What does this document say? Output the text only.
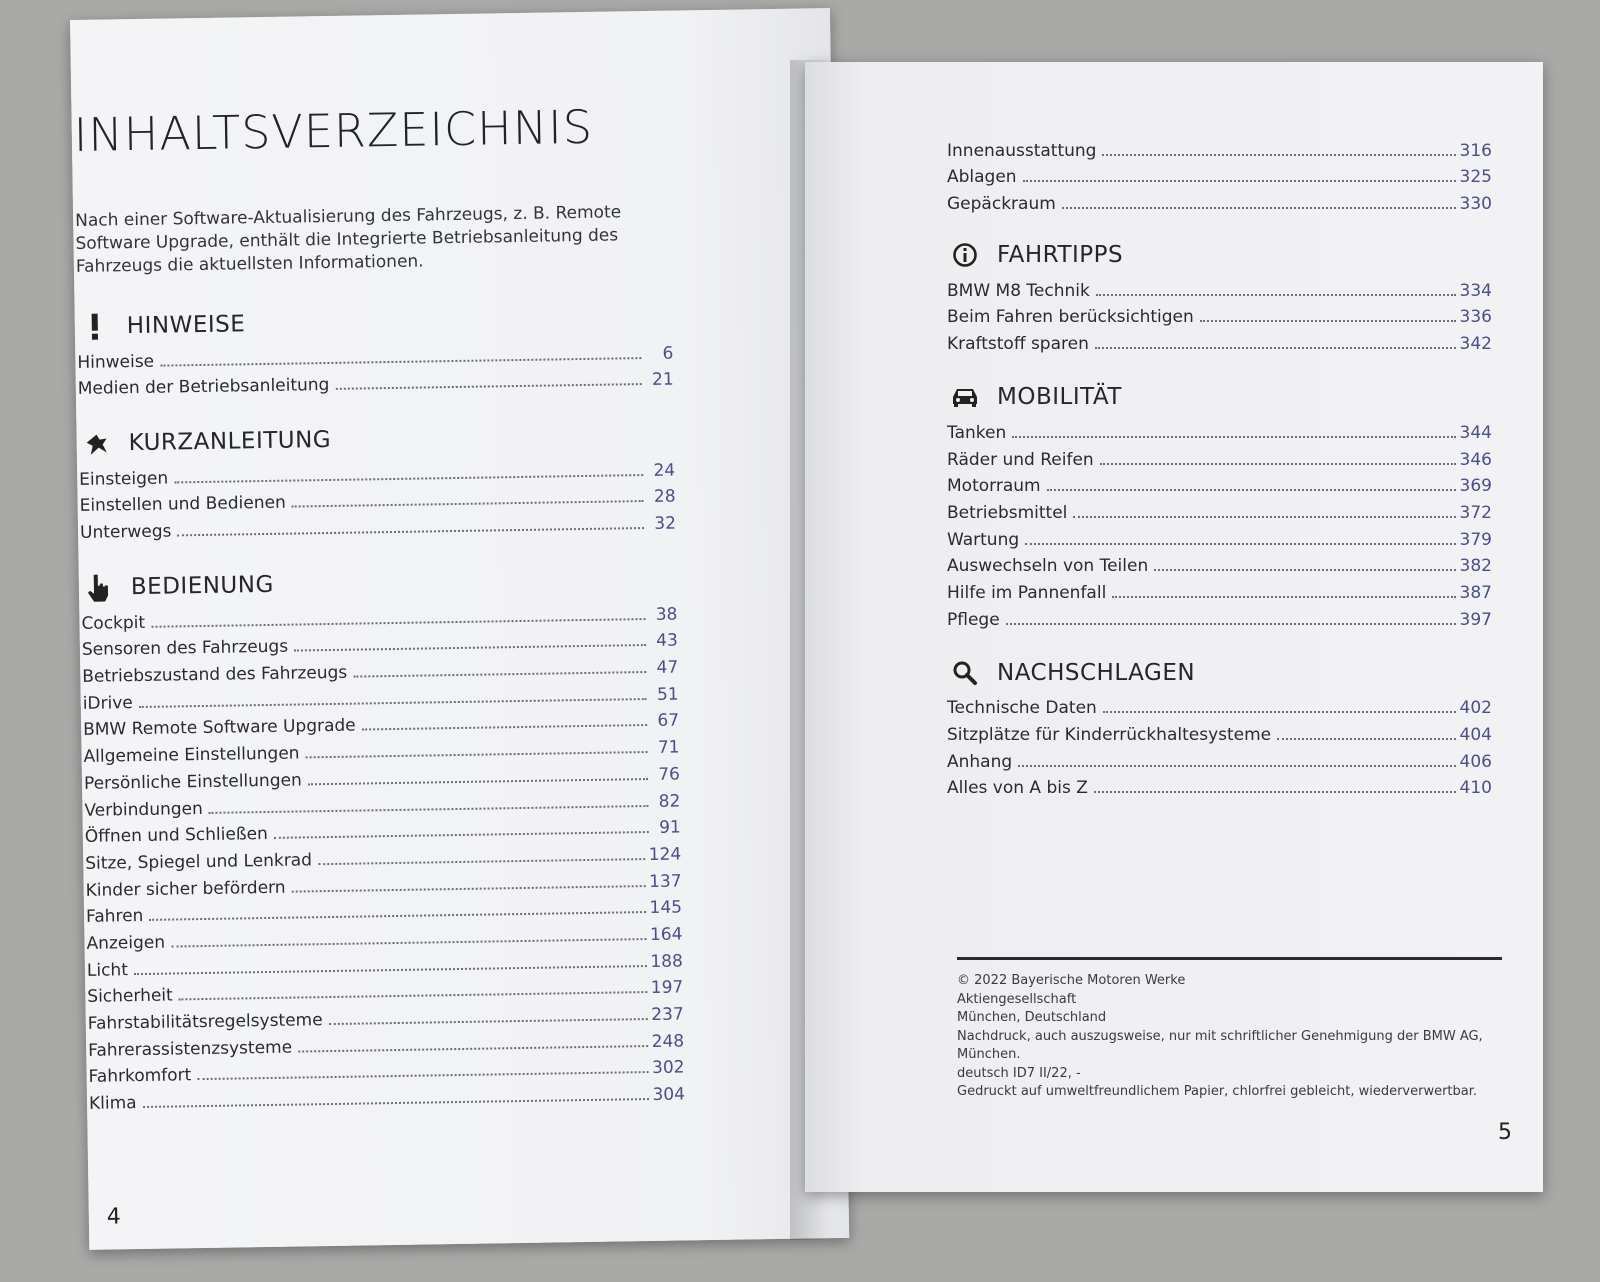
INHALTSVERZEICHNIS
Nach einer Software-Aktualisierung des Fahrzeugs, z. B. Remote Software Upgrade, enthält die Integrierte Betriebsanleitung des Fahrzeugs die aktuellsten Informationen.
HINWEISE
Hinweise	6
Medien der Betriebsanleitung	21
KURZANLEITUNG
Einsteigen	24
Einstellen und Bedienen	28
Unterwegs	32
BEDIENUNG
Cockpit	38
Sensoren des Fahrzeugs	43
Betriebszustand des Fahrzeugs	47
iDrive	51
BMW Remote Software Upgrade	67
Allgemeine Einstellungen	71
Persönliche Einstellungen	76
Verbindungen	82
Öffnen und Schließen	91
Sitze, Spiegel und Lenkrad	124
Kinder sicher befördern	137
Fahren	145
Anzeigen	164
Licht	188
Sicherheit	197
Fahrstabilitätsregelsysteme	237
Fahrerassistenzsysteme	248
Fahrkomfort	302
Klima	304
4
Innenausstattung	316
Ablagen	325
Gepäckraum	330
FAHRTIPPS
BMW M8 Technik	334
Beim Fahren berücksichtigen	336
Kraftstoff sparen	342
MOBILITÄT
Tanken	344
Räder und Reifen	346
Motorraum	369
Betriebsmittel	372
Wartung	379
Auswechseln von Teilen	382
Hilfe im Pannenfall	387
Pflege	397
NACHSCHLAGEN
Technische Daten	402
Sitzplätze für Kinderrückhaltesysteme	404
Anhang	406
Alles von A bis Z	410
© 2022 Bayerische Motoren Werke
Aktiengesellschaft
München, Deutschland
Nachdruck, auch auszugsweise, nur mit schriftlicher Genehmigung der BMW AG,
München.
deutsch ID7 II/22, -
Gedruckt auf umweltfreundlichem Papier, chlorfrei gebleicht, wiederverwertbar.
5
